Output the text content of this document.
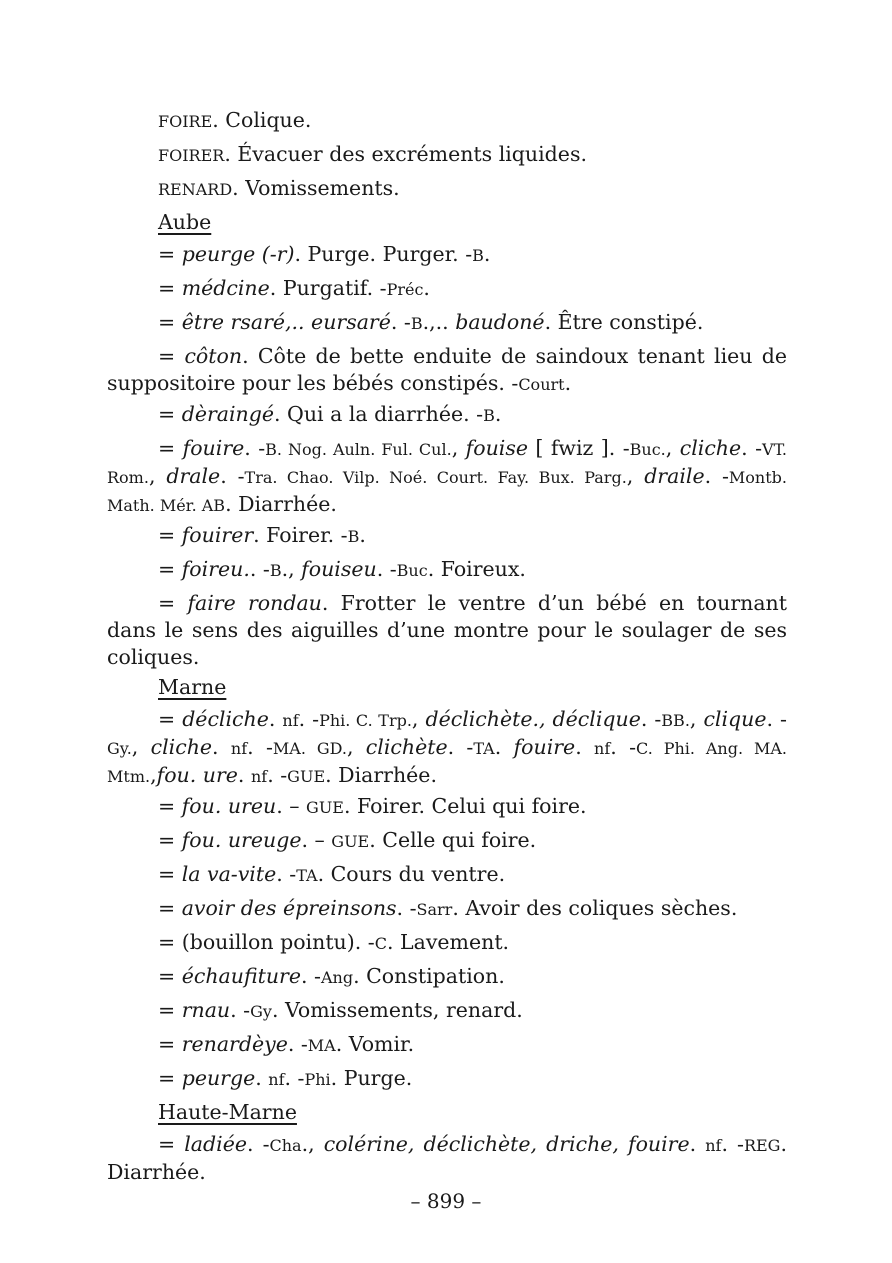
FOIRE. Colique.

FOIRER. Évacuer des excréments liquides.

RENARD. Vomissements.

Aube

= peurge (-r). Purge. Purger. -B.

= médcine. Purgatif. -Préc.

= être rsaré,.. eursaré. -B.,.. baudoné. Être constipé.

= côton. Côte de bette enduite de saindoux tenant lieu de suppositoire pour les bébés constipés. -Court.

= dèraingé. Qui a la diarrhée. -B.

= fouire. -B. Nog. Auln. Ful. Cul., fouise [ fwiz ]. -Buc., cliche. -VT. Rom., drale. -Tra. Chao. Vilp. Noé. Court. Fay. Bux. Parg., draile. -Montb. Math. Mér. AB. Diarrhée.

= fouirer. Foirer. -B.

= foireu.. -B., fouiseu. -Buc. Foireux.

= faire rondau. Frotter le ventre d’un bébé en tournant dans le sens des aiguilles d’une montre pour le soulager de ses coliques.

Marne

= décliche. nf. -Phi. C. Trp., déclichète., déclique. -BB., clique. -Gy., cliche. nf. -MA. GD., clichète. -TA. fouire. nf. -C. Phi. Ang. MA. Mtm.,fou. ure. nf. -GUE. Diarrhée.

= fou. ureu. – GUE. Foirer. Celui qui foire.

= fou. ureuge. – GUE. Celle qui foire.

= la va-vite. -TA. Cours du ventre.

= avoir des épreinsons. -Sarr. Avoir des coliques sèches.

= (bouillon pointu). -C. Lavement.

= échaufiture. -Ang. Constipation.

= rnau. -Gy. Vomissements, renard.

= renardèye. -MA. Vomir.

= peurge. nf. -Phi. Purge.

Haute-Marne

= ladiée. -Cha., colérine, déclichète, driche, fouire. nf. -REG. Diarrhée.

– 899 –
